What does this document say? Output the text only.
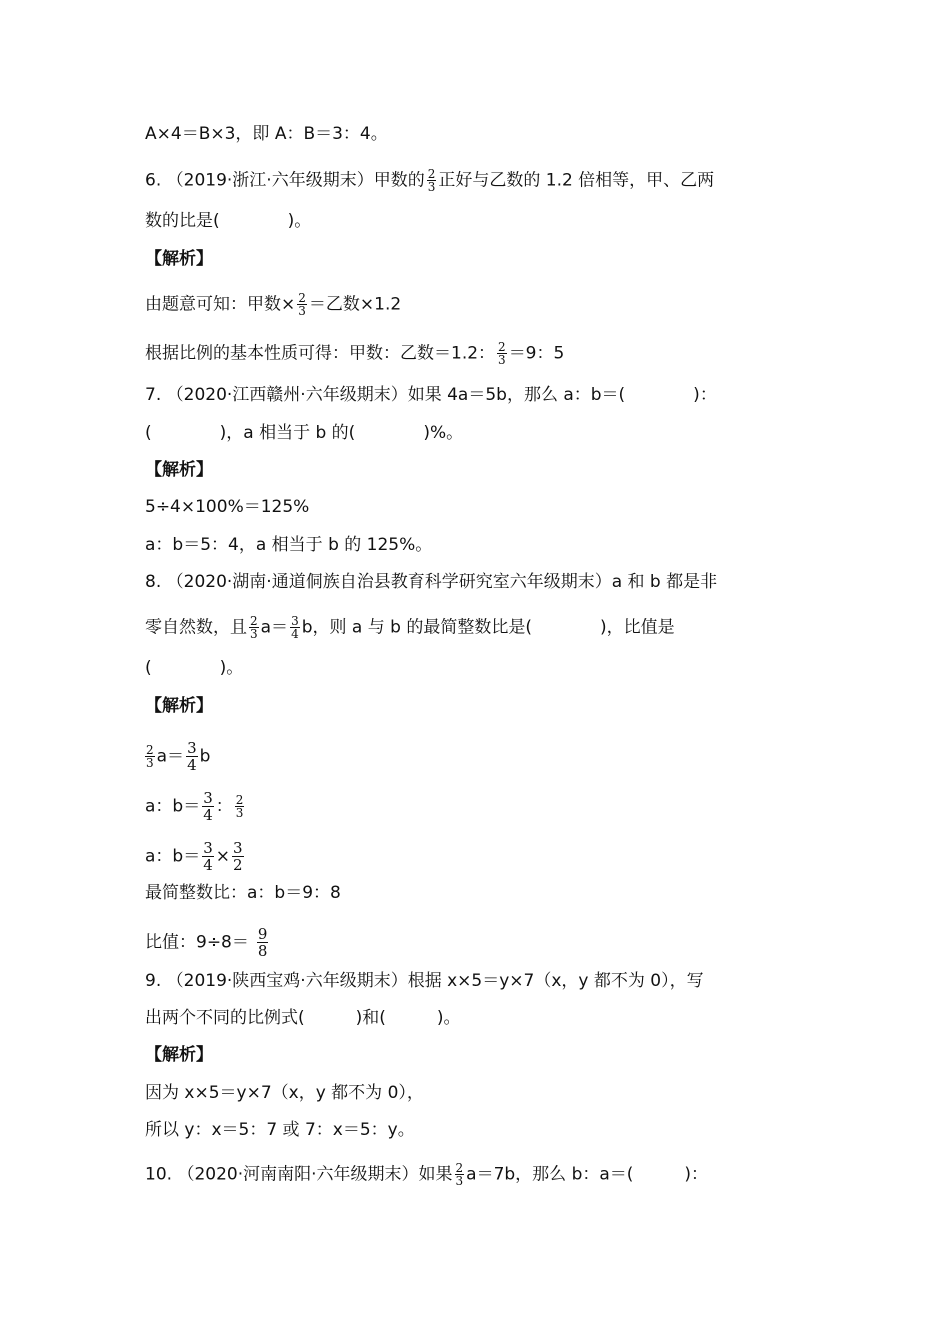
A×4＝B×3，即 A：B＝3：4。
6. （2019·浙江·六年级期末）甲数的 $\frac{2}{3}$ 正好与乙数的 1.2 倍相等，甲、乙两
数的比是(　　　　)。
【解析】
由题意可知：甲数× $\frac{2}{3}$ ＝乙数×1.2
根据比例的基本性质可得：甲数：乙数＝1.2： $\frac{2}{3} =9$：5
7. （2020·江西赣州·六年级期末）如果 4a＝5b，那么 a：b＝(　　　　)：
(　　　　)，a 相当于 b 的(　　　　)%。
【解析】
5÷4×100%＝125%
a：b＝5：4，a 相当于 b 的 125%。
8. （2020·湖南·通道侗族自治县教育科学研究室六年级期末）a 和 b 都是非
零自然数，且 $\frac{2}{3} a= \frac{3}{4}$ b，则 a 与 b 的最简整数比是(　　　　)，比值是
(　　　　)。
【解析】
$\frac{2}{3} a= \frac{3}{4}$ b
a：$b= \frac{3}{4}$ ： $\frac{2}{3}$
a：$b= \frac{3}{4} \times \frac{3}{2}$
最简整数比：a：b＝9：8
比值：$9\div 8= \frac{9}{8}$
9. （2019·陕西宝鸡·六年级期末）根据 x×5＝y×7（x，y 都不为 0），写
出两个不同的比例式(　　　)和(　　　)。
【解析】
因为 x×5＝y×7（x，y 都不为 0），
所以 y：x＝5：7 或 7：x＝5：y。
10. （2020·河南南阳·六年级期末）如果 $\frac{2}{3} a=7b$，那么 b：a＝(　　　)：
